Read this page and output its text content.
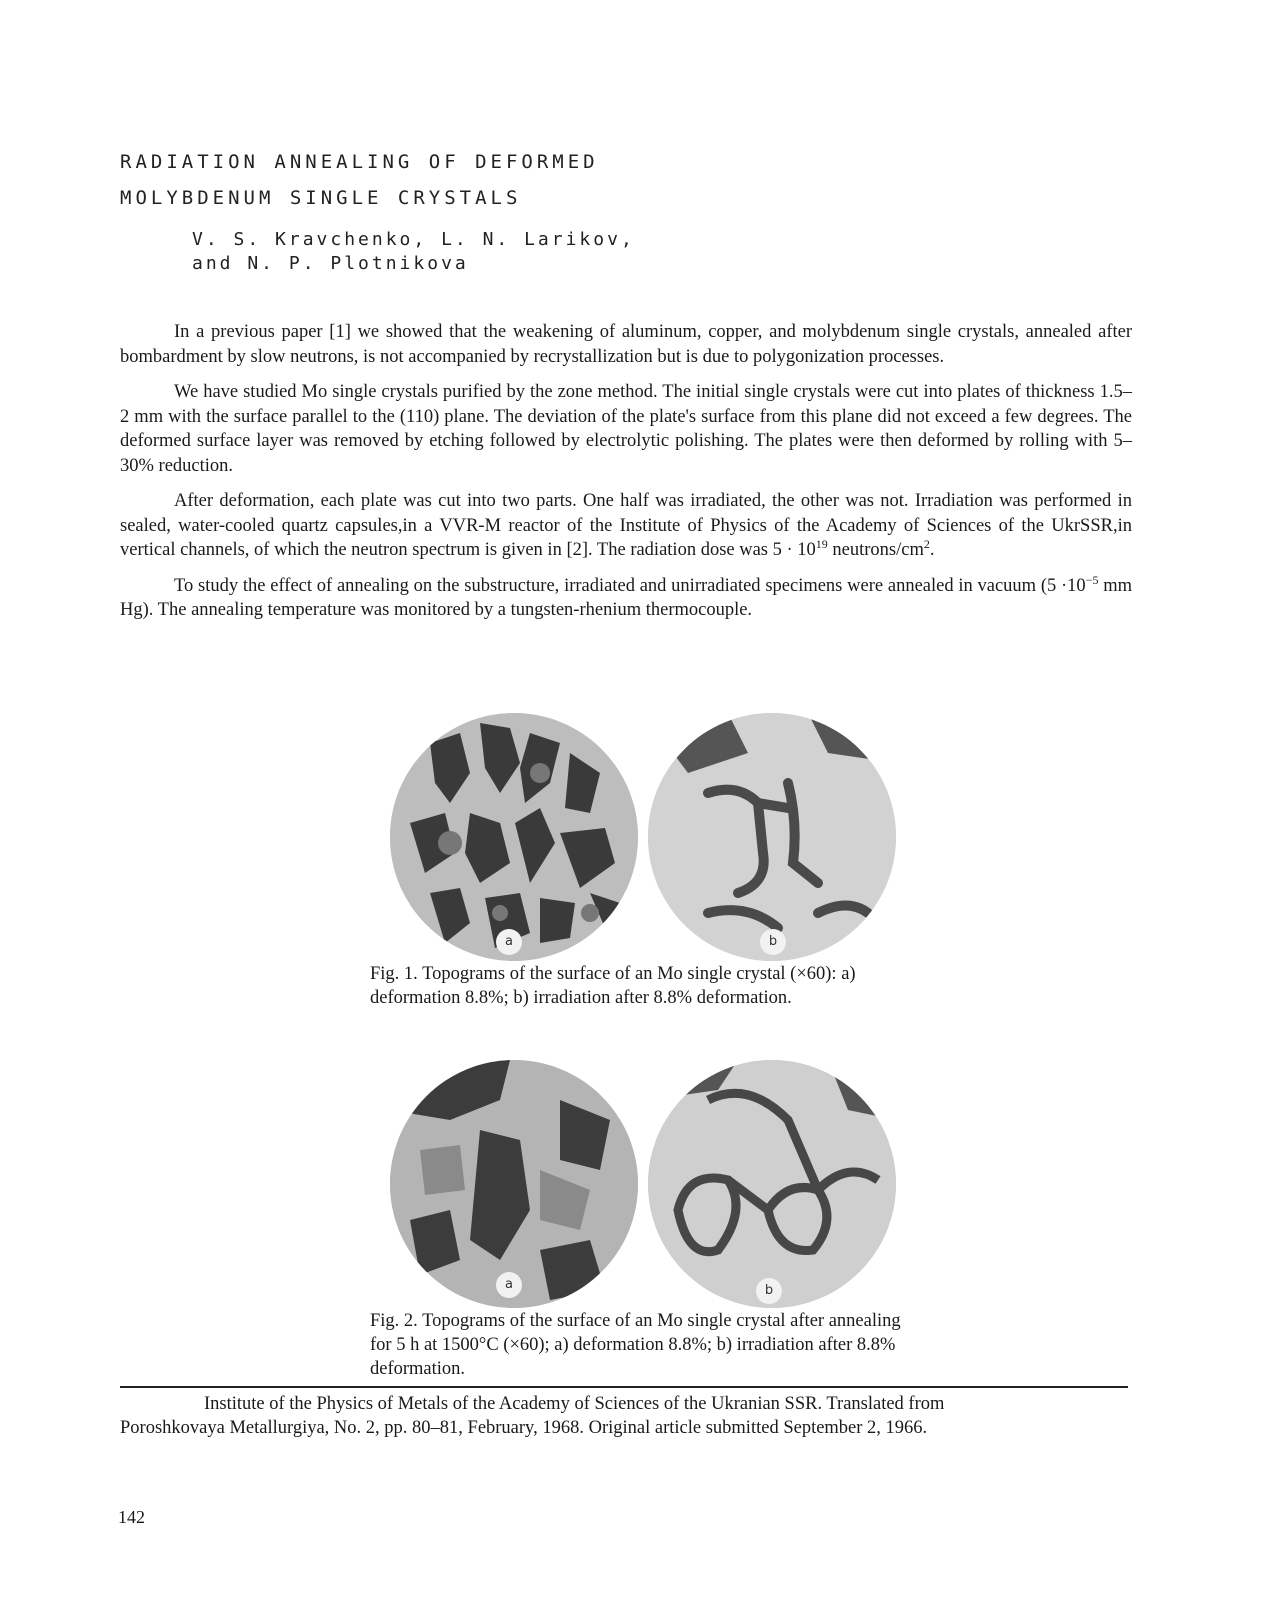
RADIATION ANNEALING OF DEFORMED
MOLYBDENUM SINGLE CRYSTALS
V. S. Kravchenko, L. N. Larikov,
and N. P. Plotnikova

In a previous paper [1] we showed that the weakening of aluminum, copper, and molybdenum single crystals, annealed after bombardment by slow neutrons, is not accompanied by recrystallization but is due to polygonization processes.

We have studied Mo single crystals purified by the zone method. The initial single crystals were cut into plates of thickness 1.5–2 mm with the surface parallel to the (110) plane. The deviation of the plate's surface from this plane did not exceed a few degrees. The deformed surface layer was removed by etching followed by electrolytic polishing. The plates were then deformed by rolling with 5–30% reduction.

After deformation, each plate was cut into two parts. One half was irradiated, the other was not. Irradiation was performed in sealed, water-cooled quartz capsules,in a VVR-M reactor of the Institute of Physics of the Academy of Sciences of the UkrSSR,in vertical channels, of which the neutron spectrum is given in [2]. The radiation dose was $5 \cdot 10^{19}$ neutrons/$cm^2$.

To study the effect of annealing on the substructure, irradiated and unirradiated specimens were annealed in vacuum ($5 \cdot 10^{-5}$ mm Hg). The annealing temperature was monitored by a tungsten-rhenium thermocouple.

a	b
Fig. 1. Topograms of the surface of an Mo single crystal (×60): a) deformation 8.8%; b) irradiation after 8.8% deformation.
a	b
Fig. 2. Topograms of the surface of an Mo single crystal after annealing for 5 h at 1500°C (×60); a) deformation 8.8%; b) irradiation after 8.8% deformation.
Institute of the Physics of Metals of the Academy of Sciences of the Ukranian SSR. Translated from
Poroshkovaya Metallurgiya, No. 2, pp. 80–81, February, 1968. Original article submitted September 2, 1966.
142
